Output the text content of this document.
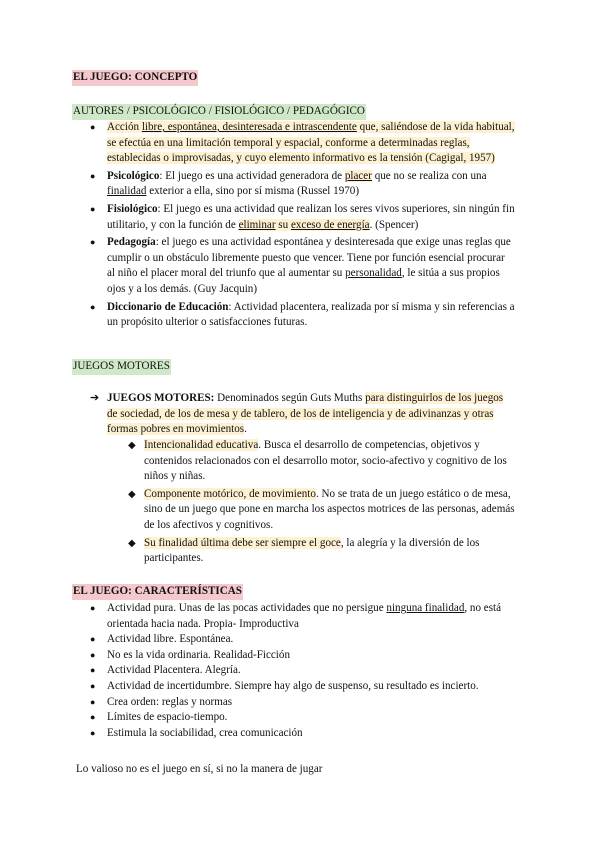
EL JUEGO: CONCEPTO
AUTORES / PSICOLÓGICO / FISIOLÓGICO / PEDAGÓGICO
● Acción libre, espontánea, desinteresada e intrascendente que, saliéndose de la vida habitual, se efectúa en una limitación temporal y espacial, conforme a determinadas reglas, establecidas o improvisadas, y cuyo elemento informativo es la tensión (Cagigal, 1957)

● Psicológico: El juego es una actividad generadora de placer que no se realiza con una finalidad exterior a ella, sino por sí misma (Russel 1970)

● Fisiológico: El juego es una actividad que realizan los seres vivos superiores, sin ningún fin utilitario, y con la función de eliminar su exceso de energía. (Spencer)

● Pedagogía: el juego es una actividad espontánea y desinteresada que exige unas reglas que cumplir o un obstáculo libremente puesto que vencer. Tiene por función esencial procurar al niño el placer moral del triunfo que al aumentar su personalidad, le sitúa a sus propios ojos y a los demás. (Guy Jacquin)

● Diccionario de Educación: Actividad placentera, realizada por sí misma y sin referencias a un propósito ulterior o satisfacciones futuras.

JUEGOS MOTORES
➔ JUEGOS MOTORES: Denominados según Guts Muths para distinguirlos de los juegos de sociedad, de los de mesa y de tablero, de los de inteligencia y de adivinanzas y otras formas pobres en movimientos.

◆ Intencionalidad educativa. Busca el desarrollo de competencias, objetivos y contenidos relacionados con el desarrollo motor, socio-afectivo y cognitivo de los niños y niñas.

◆ Componente motórico, de movimiento. No se trata de un juego estático o de mesa, sino de un juego que pone en marcha los aspectos motrices de las personas, además de los afectivos y cognitivos.

◆ Su finalidad última debe ser siempre el goce, la alegría y la diversión de los participantes.

EL JUEGO: CARACTERÍSTICAS
● Actividad pura. Unas de las pocas actividades que no persigue ninguna finalidad, no está orientada hacia nada. Propia- Improductiva

● Actividad libre. Espontánea.

● No es la vida ordinaria. Realidad-Ficción

● Actividad Placentera. Alegría.

● Actividad de incertidumbre. Siempre hay algo de suspenso, su resultado es incierto.

● Crea orden: reglas y normas

● Límites de espacio-tiempo.

● Estimula la sociabilidad, crea comunicación

Lo valioso no es el juego en sí, si no la manera de jugar
